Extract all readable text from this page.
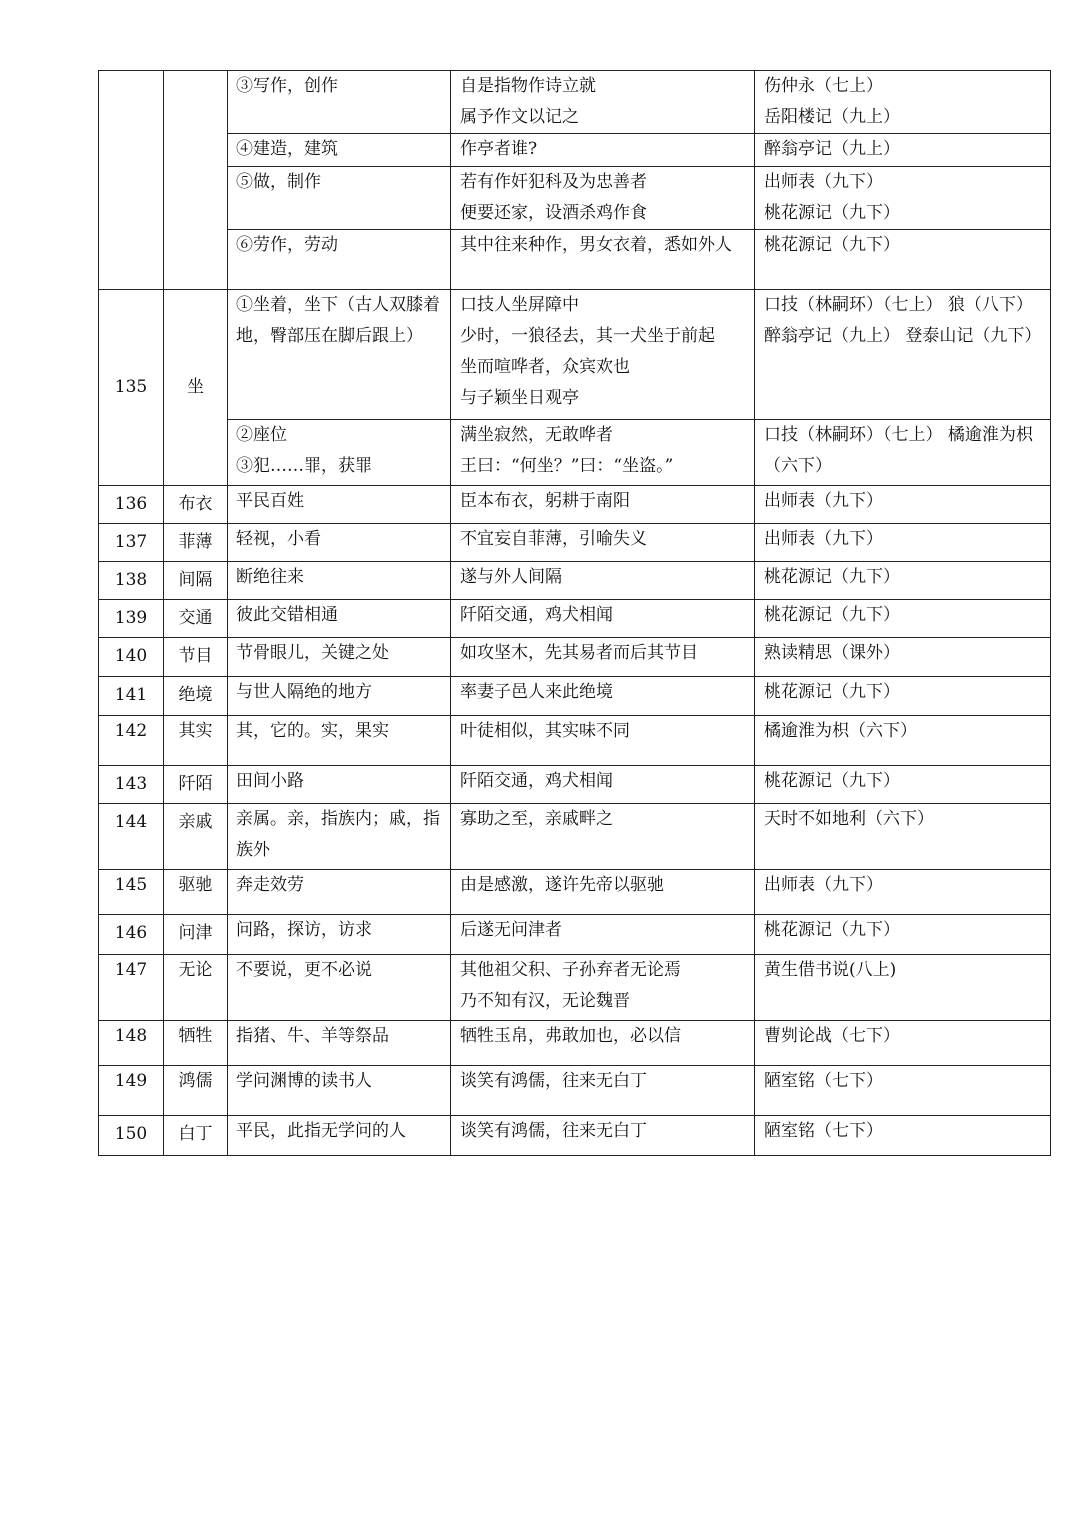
		③写作，创作	自是指物作诗立就
属予作文以记之	伤仲永（七上）
岳阳楼记（九上）

		④建造，建筑	作亭者谁?	醉翁亭记（九上）

		⑤做，制作	若有作奸犯科及为忠善者
便要还家，设酒杀鸡作食	出师表（九下）
桃花源记（九下）

		⑥劳作，劳动	其中往来种作，男女衣着，悉如外人	桃花源记（九下）

135	坐	①坐着，坐下（古人双膝着地，臀部压在脚后跟上）	口技人坐屏障中
少时，一狼径去，其一犬坐于前起
坐而喧哗者，众宾欢也
与子颖坐日观亭	口技（林嗣环）（七上） 狼（八下）
醉翁亭记（九上） 登泰山记（九下）

		②座位
③犯……罪，获罪	满坐寂然，无敢哗者
王曰：“何坐？”曰：“坐盗。”	口技（林嗣环）（七上） 橘逾淮为枳（六下）

136	布衣	平民百姓	臣本布衣，躬耕于南阳	出师表（九下）

137	菲薄	轻视，小看	不宜妄自菲薄，引喻失义	出师表（九下）

138	间隔	断绝往来	遂与外人间隔	桃花源记（九下）

139	交通	彼此交错相通	阡陌交通，鸡犬相闻	桃花源记（九下）

140	节目	节骨眼儿，关键之处	如攻坚木，先其易者而后其节目	熟读精思（课外）

141	绝境	与世人隔绝的地方	率妻子邑人来此绝境	桃花源记（九下）

142	其实	其，它的。实，果实	叶徒相似，其实味不同	橘逾淮为枳（六下）

143	阡陌	田间小路	阡陌交通，鸡犬相闻	桃花源记（九下）

144	亲戚	亲属。亲，指族内；戚，指族外	寡助之至，亲戚畔之	天时不如地利（六下）

145	驱驰	奔走效劳	由是感激，遂许先帝以驱驰	出师表（九下）

146	问津	问路，探访，访求	后遂无问津者	桃花源记（九下）

147	无论	不要说，更不必说	其他祖父积、子孙弃者无论焉
乃不知有汉，无论魏晋	黄生借书说(八上)

148	牺牲	指猪、牛、羊等祭品	牺牲玉帛，弗敢加也，必以信	曹刿论战（七下）

149	鸿儒	学问渊博的读书人	谈笑有鸿儒，往来无白丁	陋室铭（七下）

150	白丁	平民，此指无学问的人	谈笑有鸿儒，往来无白丁	陋室铭（七下）
